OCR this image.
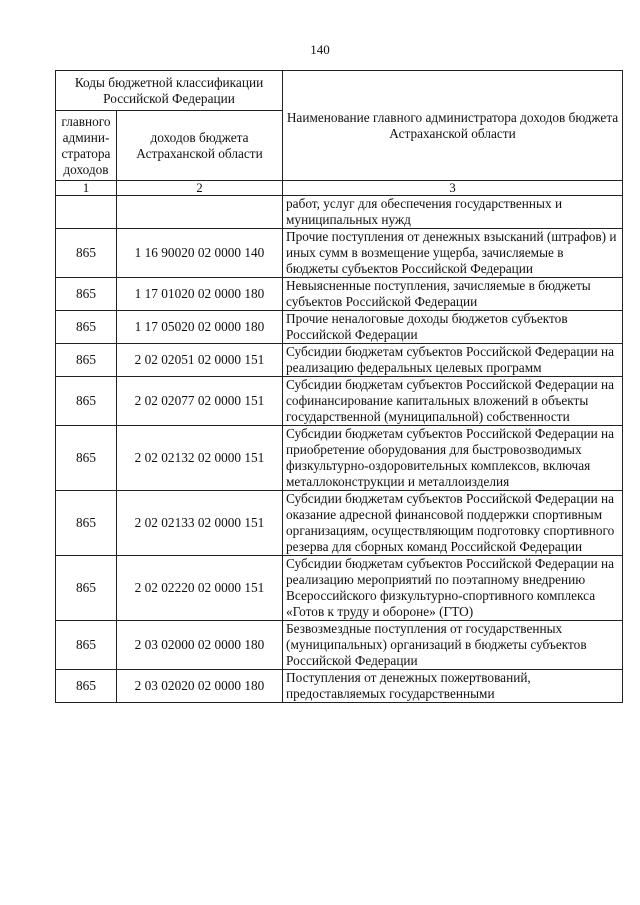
140
Коды бюджетной классификации Российской Федерации		Наименование главного администратора доходов бюджета Астраханской области
главного админи-стратора доходов	доходов бюджета Астраханской области	
1	2	3
		работ, услуг для обеспечения государственных и муниципальных нужд
865	1 16 90020 02 0000 140	Прочие поступления от денежных взысканий (штрафов) и иных сумм в возмещение ущерба, зачисляемые в бюджеты субъектов Российской Федерации
865	1 17 01020 02 0000 180	Невыясненные поступления, зачисляемые в бюджеты субъектов Российской Федерации
865	1 17 05020 02 0000 180	Прочие неналоговые доходы бюджетов субъектов Российской Федерации
865	2 02 02051 02 0000 151	Субсидии бюджетам субъектов Российской Федерации на реализацию федеральных целевых программ
865	2 02 02077 02 0000 151	Субсидии бюджетам субъектов Российской Федерации на софинансирование капитальных вложений в объекты государственной (муниципальной) собственности
865	2 02 02132 02 0000 151	Субсидии бюджетам субъектов Российской Федерации на приобретение оборудования для быстровозводимых физкультурно-оздоровительных комплексов, включая металлоконструкции и металлоизделия
865	2 02 02133 02 0000 151	Субсидии бюджетам субъектов Российской Федерации на оказание адресной финансовой поддержки спортивным организациям, осуществляющим подготовку спортивного резерва для сборных команд Российской Федерации
865	2 02 02220 02 0000 151	Субсидии бюджетам субъектов Российской Федерации на реализацию мероприятий по поэтапному внедрению Всероссийского физкультурно-спортивного комплекса «Готов к труду и обороне» (ГТО)
865	2 03 02000 02 0000 180	Безвозмездные поступления от государственных (муниципальных) организаций в бюджеты субъектов Российской Федерации
865	2 03 02020 02 0000 180	Поступления от денежных пожертвований, предоставляемых государственными
